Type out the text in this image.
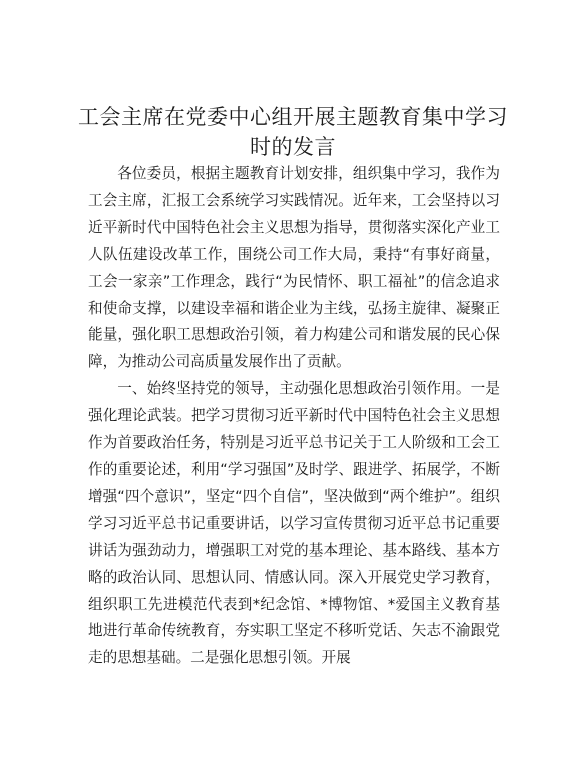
工会主席在党委中心组开展主题教育集中学习时的发言

各位委员，根据主题教育计划安排，组织集中学习，我作为工会主席，汇报工会系统学习实践情况。近年来，工会坚持以习近平新时代中国特色社会主义思想为指导，贯彻落实深化产业工人队伍建设改革工作，围绕公司工作大局，秉持“有事好商量，工会一家亲”工作理念，践行“为民情怀、职工福祉”的信念追求和使命支撑，以建设幸福和谐企业为主线，弘扬主旋律、凝聚正能量，强化职工思想政治引领，着力构建公司和谐发展的民心保障，为推动公司高质量发展作出了贡献。

一、始终坚持党的领导，主动强化思想政治引领作用。一是强化理论武装。把学习贯彻习近平新时代中国特色社会主义思想作为首要政治任务，特别是习近平总书记关于工人阶级和工会工作的重要论述，利用“学习强国”及时学、跟进学、拓展学，不断增强“四个意识”，坚定“四个自信”，坚决做到“两个维护”。组织学习习近平总书记重要讲话，以学习宣传贯彻习近平总书记重要讲话为强劲动力，增强职工对党的基本理论、基本路线、基本方略的政治认同、思想认同、情感认同。深入开展党史学习教育，组织职工先进模范代表到*纪念馆、*博物馆、*爱国主义教育基地进行革命传统教育，夯实职工坚定不移听党话、矢志不渝跟党走的思想基础。二是强化思想引领。开展
